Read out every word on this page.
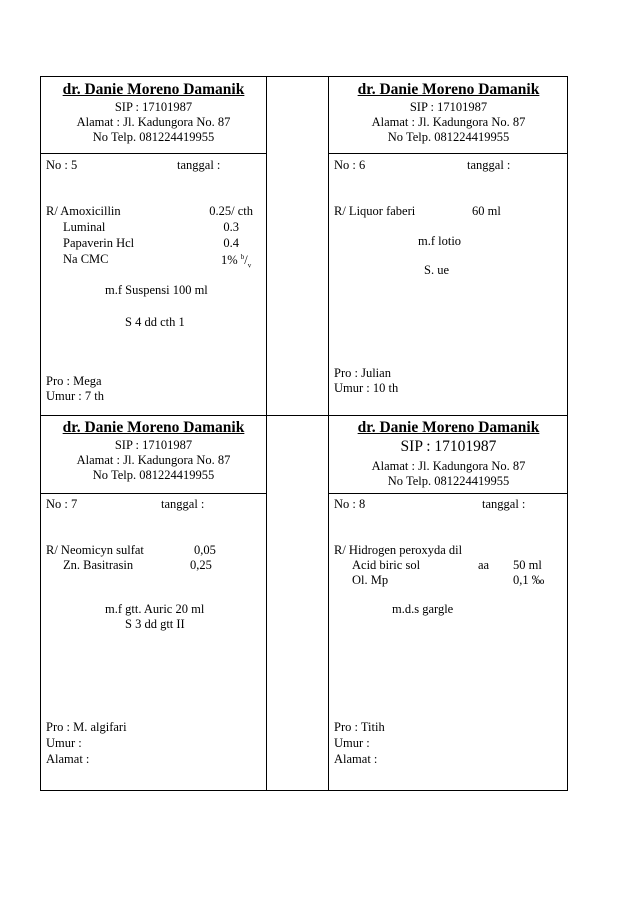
dr. Danie Moreno Damanik
SIP : 17101987
Alamat : Jl. Kadungora No. 87
No Telp. 081224419955
No : 5	tanggal :
R/ Amoxicillin	0.25/ cth
Luminal	0.3
Papaverin Hcl	0.4
Na CMC	1% $^b/_v$
m.f Suspensi 100 ml
S 4 dd cth 1
Pro : Mega
Umur : 7 th
dr. Danie Moreno Damanik
SIP : 17101987
Alamat : Jl. Kadungora No. 87
No Telp. 081224419955
No : 6	tanggal :
R/ Liquor faberi	60 ml
m.f lotio
S. ue
Pro : Julian
Umur : 10 th
dr. Danie Moreno Damanik
SIP : 17101987
Alamat : Jl. Kadungora No. 87
No Telp. 081224419955
No : 7	tanggal :
R/ Neomicyn sulfat	0,05
Zn. Basitrasin	0,25
m.f gtt. Auric 20 ml
S 3 dd gtt II
Pro : M. algifari
Umur :
Alamat :
dr. Danie Moreno Damanik
SIP : 17101987
Alamat : Jl. Kadungora No. 87
No Telp. 081224419955
No : 8	tanggal :
R/ Hidrogen peroxyda dil
Acid biric sol	aa 50 ml
Ol. Mp	0,1 ‰
m.d.s gargle
Pro : Titih
Umur :
Alamat :
